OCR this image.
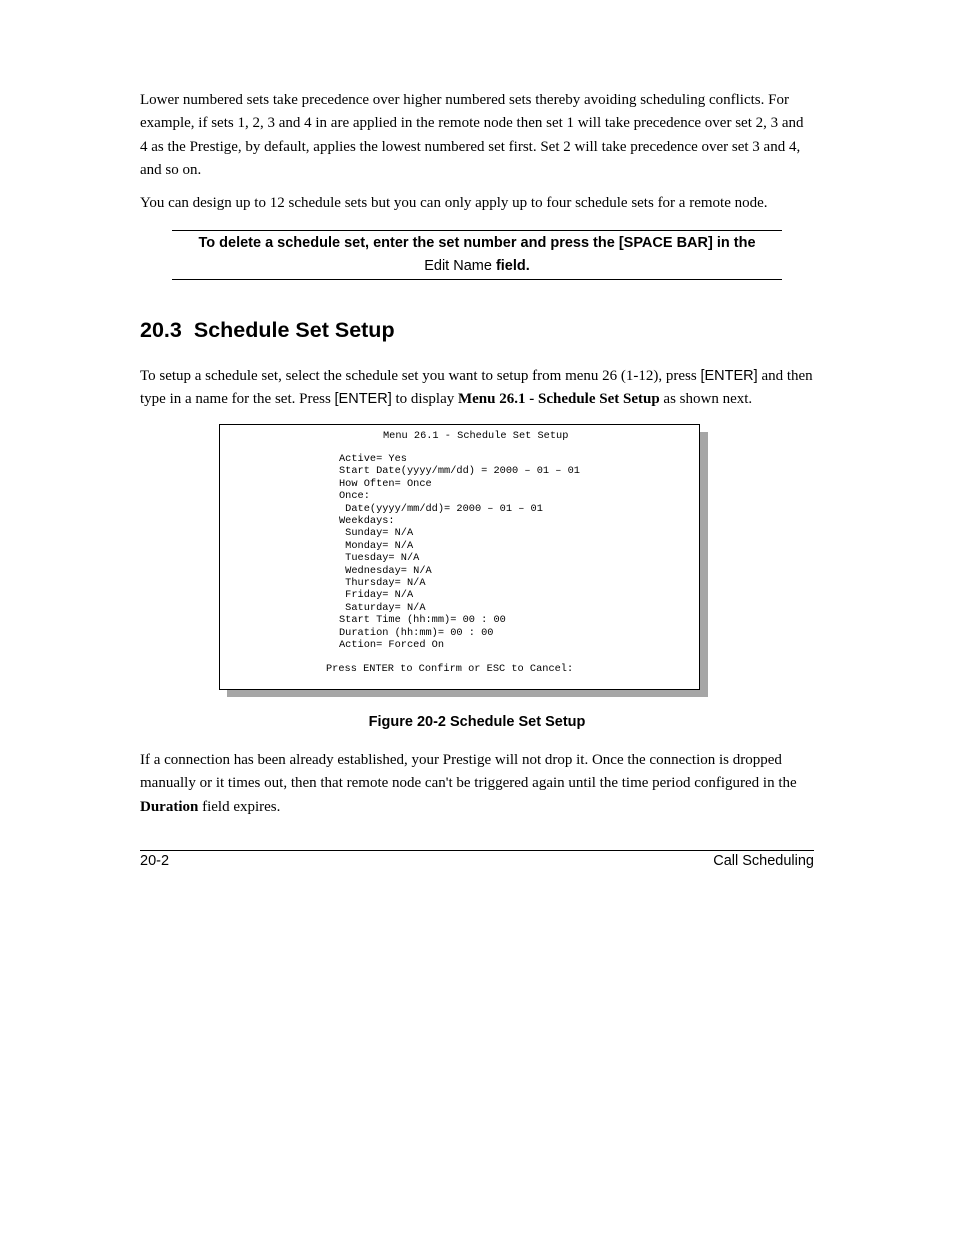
Lower numbered sets take precedence over higher numbered sets thereby avoiding scheduling conflicts. For example, if sets 1, 2, 3 and 4 in are applied in the remote node then set 1 will take precedence over set 2, 3 and 4 as the Prestige, by default, applies the lowest numbered set first. Set 2 will take precedence over set 3 and 4, and so on.

You can design up to 12 schedule sets but you can only apply up to four schedule sets for a remote node.

To delete a schedule set, enter the set number and press the [SPACE BAR] in the
Edit Name field.
20.3 Schedule Set Setup

To setup a schedule set, select the schedule set you want to setup from menu 26 (1-12), press [ENTER] and then type in a name for the set. Press [ENTER] to display Menu 26.1 - Schedule Set Setup as shown next.

Menu 26.1 - Schedule Set Setup
Active= Yes
Start Date(yyyy/mm/dd) = 2000 – 01 – 01
How Often= Once
Once:
Date(yyyy/mm/dd)= 2000 – 01 – 01
Weekdays:
Sunday= N/A
Monday= N/A
Tuesday= N/A
Wednesday= N/A
Thursday= N/A
Friday= N/A
Saturday= N/A
Start Time (hh:mm)= 00 : 00
Duration (hh:mm)= 00 : 00
Action= Forced On
Press ENTER to Confirm or ESC to Cancel:
Figure 20-2 Schedule Set Setup

If a connection has been already established, your Prestige will not drop it. Once the connection is dropped manually or it times out, then that remote node can't be triggered again until the time period configured in the Duration field expires.

20-2	Call Scheduling
